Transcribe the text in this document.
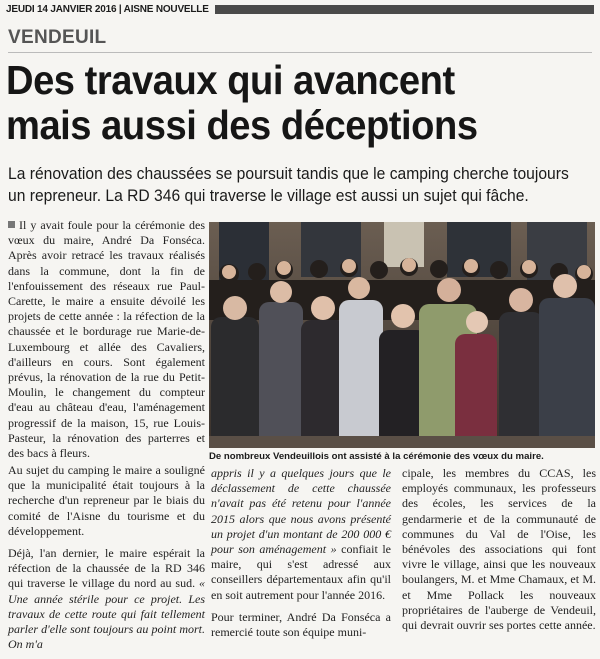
JEUDI 14 JANVIER 2016 | AISNE NOUVELLE
VENDEUIL
Des travaux qui avancent
mais aussi des déceptions

La rénovation des chaussées se poursuit tandis que le camping cherche toujours un repreneur. La RD 346 qui traverse le village est aussi un sujet qui fâche.

Il y avait foule pour la cérémonie des vœux du maire, André Da Fonséca. Après avoir retracé les travaux réalisés dans la commune, dont la fin de l'enfouissement des réseaux rue Paul-Carette, le maire a ensuite dévoilé les projets de cette année : la réfection de la chaussée et le bordurage rue Marie-de-Luxembourg et allée des Cavaliers, d'ailleurs en cours. Sont également prévus, la rénovation de la rue du Petit-Moulin, le changement du compteur d'eau au château d'eau, l'aménagement progressif de la maison, 15, rue Louis-Pasteur, la rénovation des parterres et des bacs à fleurs.

Au sujet du camping le maire a souligné que la municipalité était toujours à la recherche d'un repreneur par le biais du comité de l'Aisne du tourisme et du développement.

Déjà, l'an dernier, le maire espérait la réfection de la chaussée de la RD 346 qui traverse le village du nord au sud. « Une année stérile pour ce projet. Les travaux de cette route qui fait tellement parler d'elle sont toujours au point mort. On m'a

De nombreux Vendeuillois ont assisté à la cérémonie des vœux du maire.

appris il y a quelques jours que le déclassement de cette chaussée n'avait pas été retenu pour l'année 2015 alors que nous avons présenté un projet d'un montant de 200 000 € pour son aménagement » confiait le maire, qui s'est adressé aux conseillers départementaux afin qu'il en soit autrement pour l'année 2016.

Pour terminer, André Da Fonséca a remercié toute son équipe muni-

cipale, les membres du CCAS, les employés communaux, les professeurs des écoles, les services de la gendarmerie et de la communauté de communes du Val de l'Oise, les bénévoles des associations qui font vivre le village, ainsi que les nouveaux boulangers, M. et Mme Chamaux, et M. et Mme Pollack les nouveaux propriétaires de l'auberge de Vendeuil, qui devrait ouvrir ses portes cette année.
